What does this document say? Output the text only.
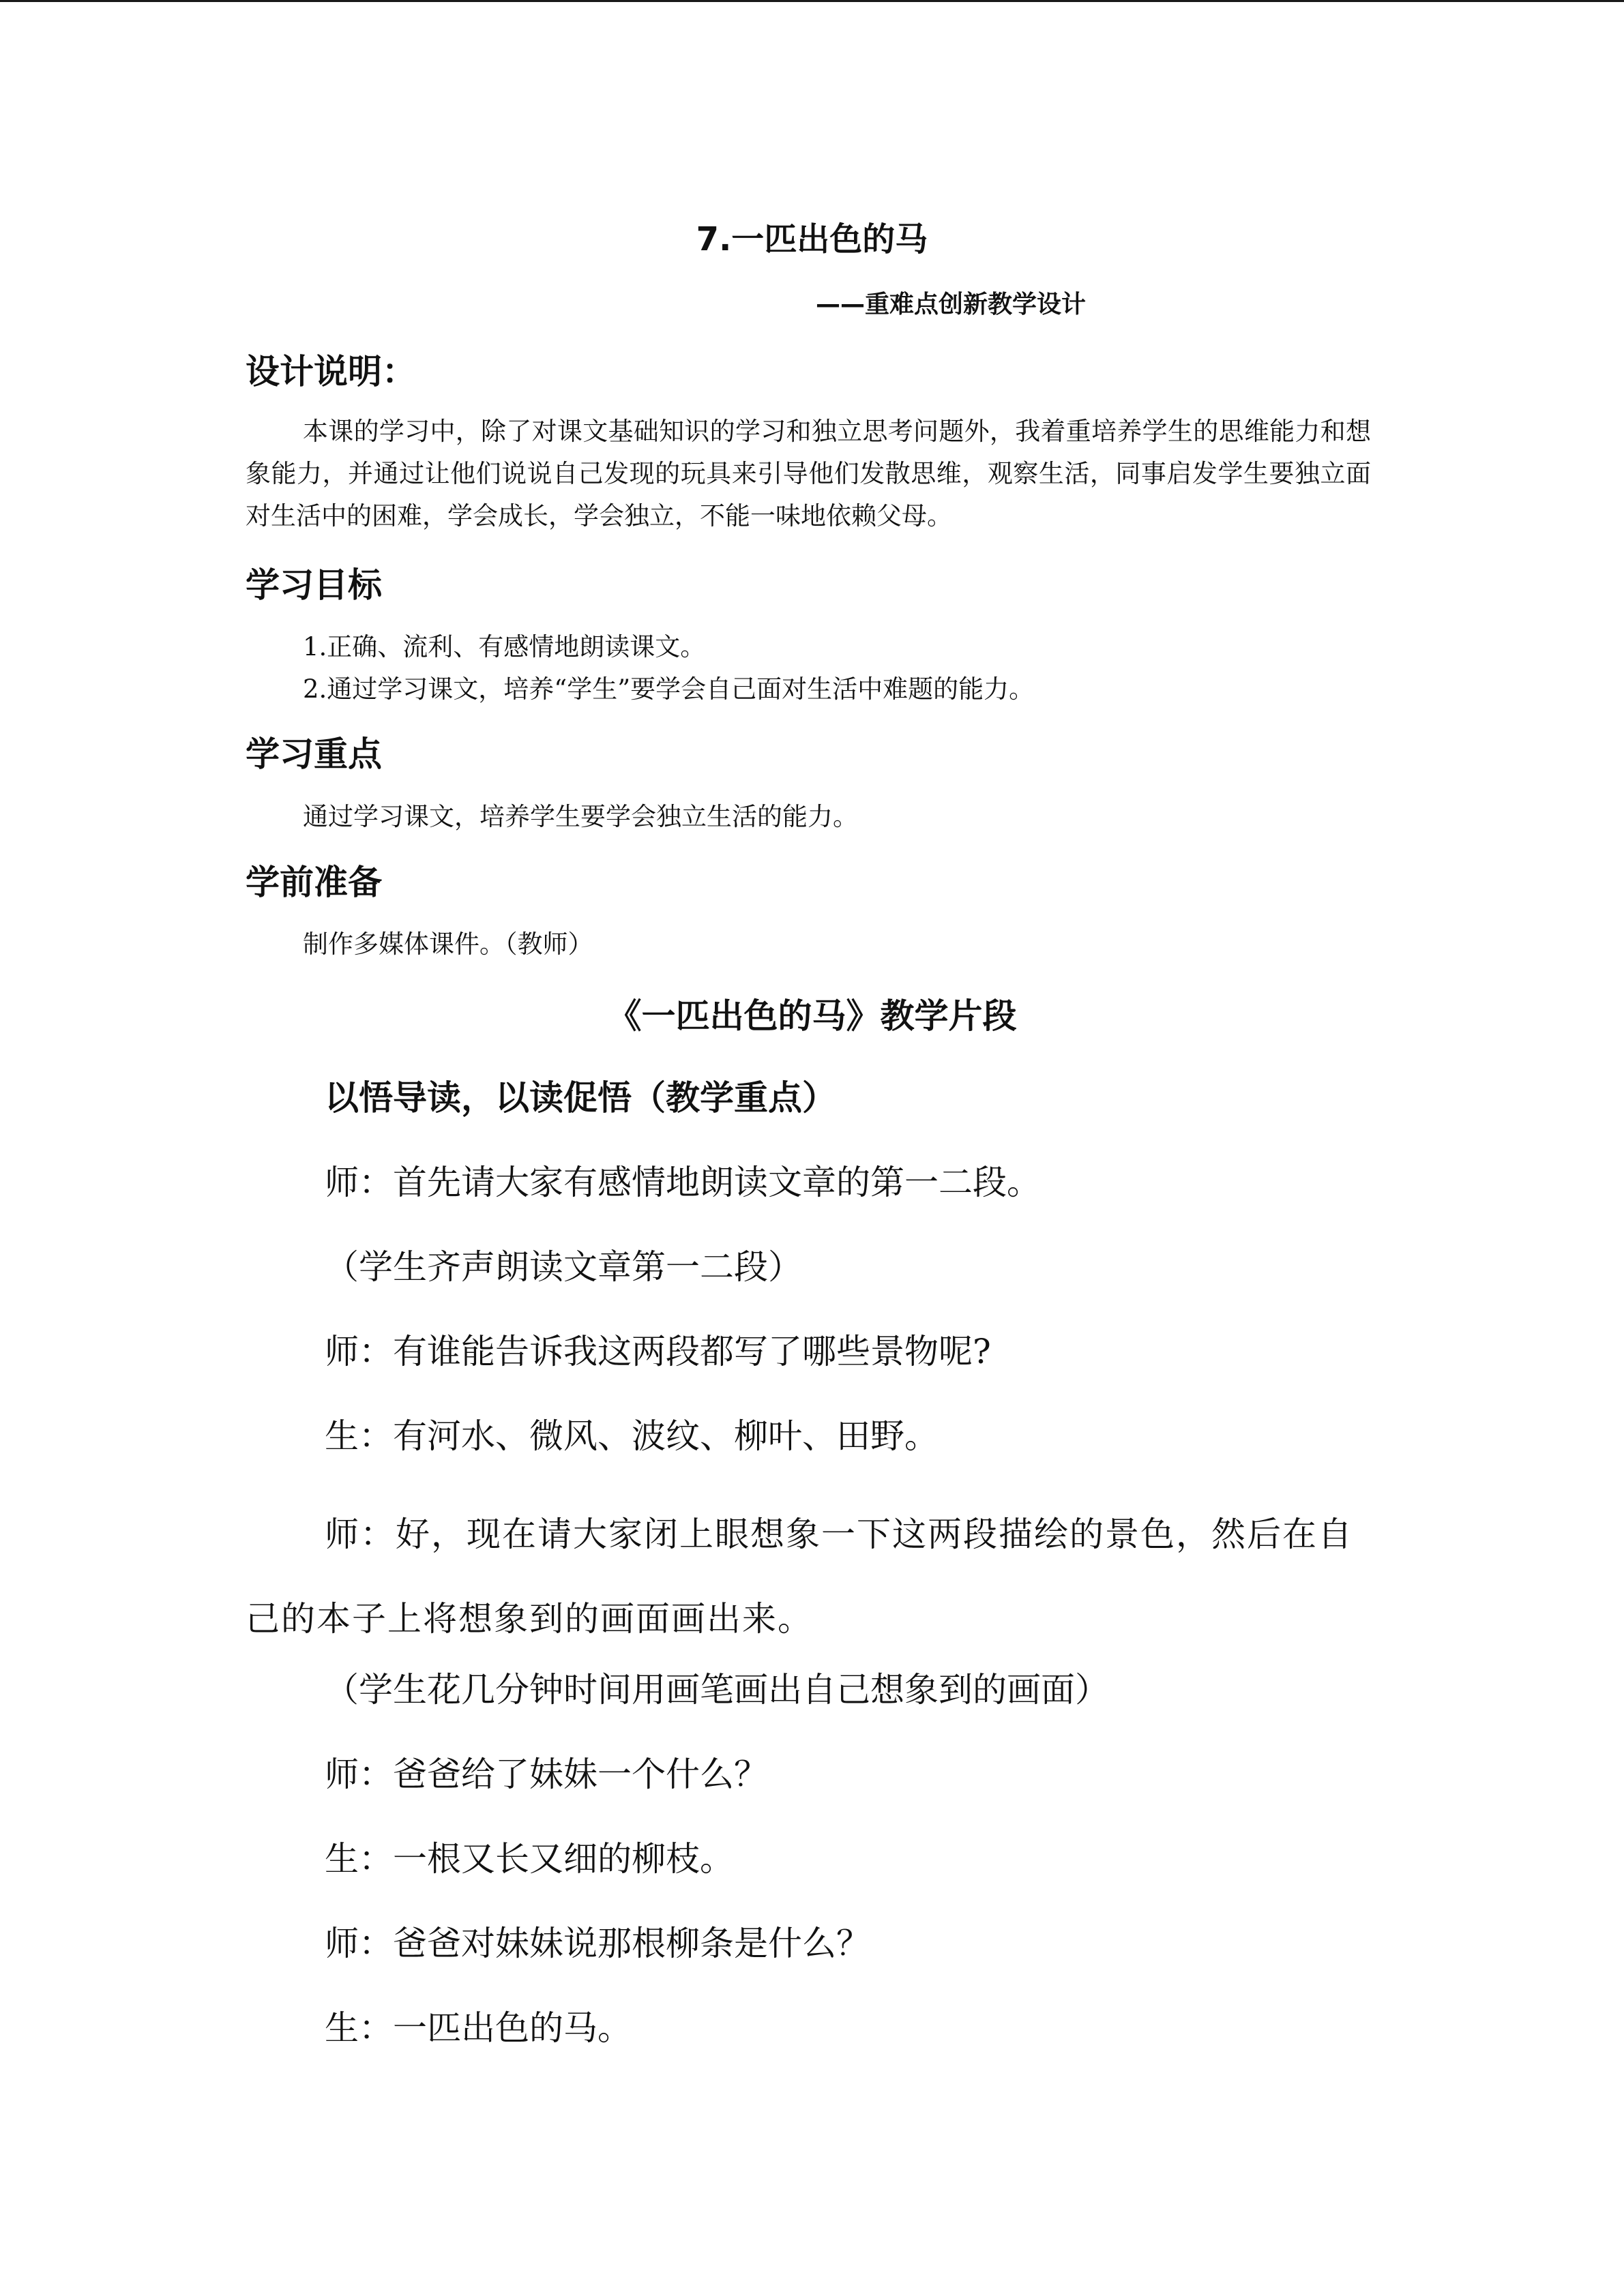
7.一匹出色的马
——重难点创新教学设计
设计说明：
本课的学习中，除了对课文基础知识的学习和独立思考问题外，我着重培养学生的思维能力和想象能力，并通过让他们说说自己发现的玩具来引导他们发散思维，观察生活，同事启发学生要独立面对生活中的困难，学会成长，学会独立，不能一味地依赖父母。
学习目标
1.正确、流利、有感情地朗读课文。
2.通过学习课文，培养“学生”要学会自己面对生活中难题的能力。
学习重点
通过学习课文，培养学生要学会独立生活的能力。
学前准备
制作多媒体课件。（教师）
《一匹出色的马》教学片段
以悟导读，以读促悟（教学重点）
师：首先请大家有感情地朗读文章的第一二段。
（学生齐声朗读文章第一二段）
师：有谁能告诉我这两段都写了哪些景物呢?
生：有河水、微风、波纹、柳叶、田野。
师：好，现在请大家闭上眼想象一下这两段描绘的景色，然后在自己的本子上将想象到的画面画出来。
（学生花几分钟时间用画笔画出自己想象到的画面）
师：爸爸给了妹妹一个什么？
生：一根又长又细的柳枝。
师：爸爸对妹妹说那根柳条是什么？
生：一匹出色的马。
